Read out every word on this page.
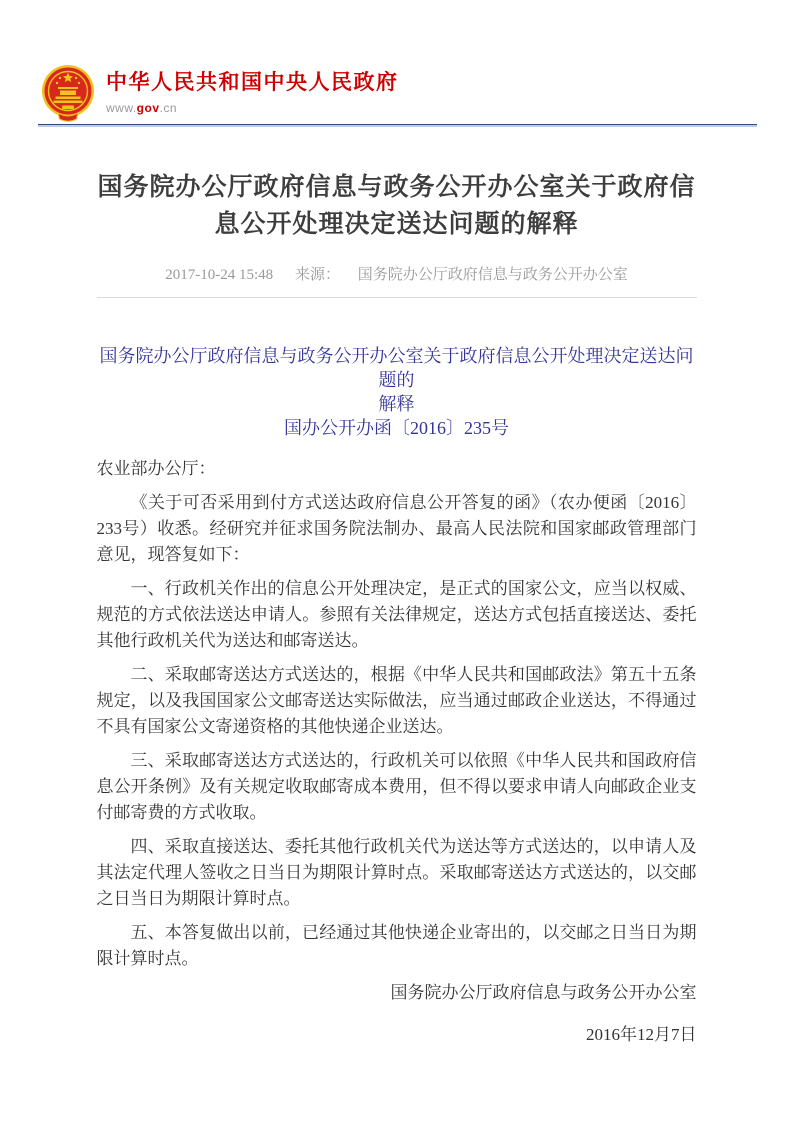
中华人民共和国中央人民政府
www.gov.cn
国务院办公厅政府信息与政务公开办公室关于政府信
息公开处理决定送达问题的解释
2017-10-24 15:48 来源： 国务院办公厅政府信息与政务公开办公室
国务院办公厅政府信息与政务公开办公室关于政府信息公开处理决定送达问题的
解释
国办公开办函〔2016〕235号

农业部办公厅：

《关于可否采用到付方式送达政府信息公开答复的函》（农办便函〔2016〕233号）收悉。经研究并征求国务院法制办、最高人民法院和国家邮政管理部门意见，现答复如下：

一、行政机关作出的信息公开处理决定，是正式的国家公文，应当以权威、规范的方式依法送达申请人。参照有关法律规定，送达方式包括直接送达、委托其他行政机关代为送达和邮寄送达。

二、采取邮寄送达方式送达的，根据《中华人民共和国邮政法》第五十五条规定，以及我国国家公文邮寄送达实际做法，应当通过邮政企业送达，不得通过不具有国家公文寄递资格的其他快递企业送达。

三、采取邮寄送达方式送达的，行政机关可以依照《中华人民共和国政府信息公开条例》及有关规定收取邮寄成本费用，但不得以要求申请人向邮政企业支付邮寄费的方式收取。

四、采取直接送达、委托其他行政机关代为送达等方式送达的，以申请人及其法定代理人签收之日当日为期限计算时点。采取邮寄送达方式送达的，以交邮之日当日为期限计算时点。

五、本答复做出以前，已经通过其他快递企业寄出的，以交邮之日当日为期限计算时点。

国务院办公厅政府信息与政务公开办公室

2016年12月7日
